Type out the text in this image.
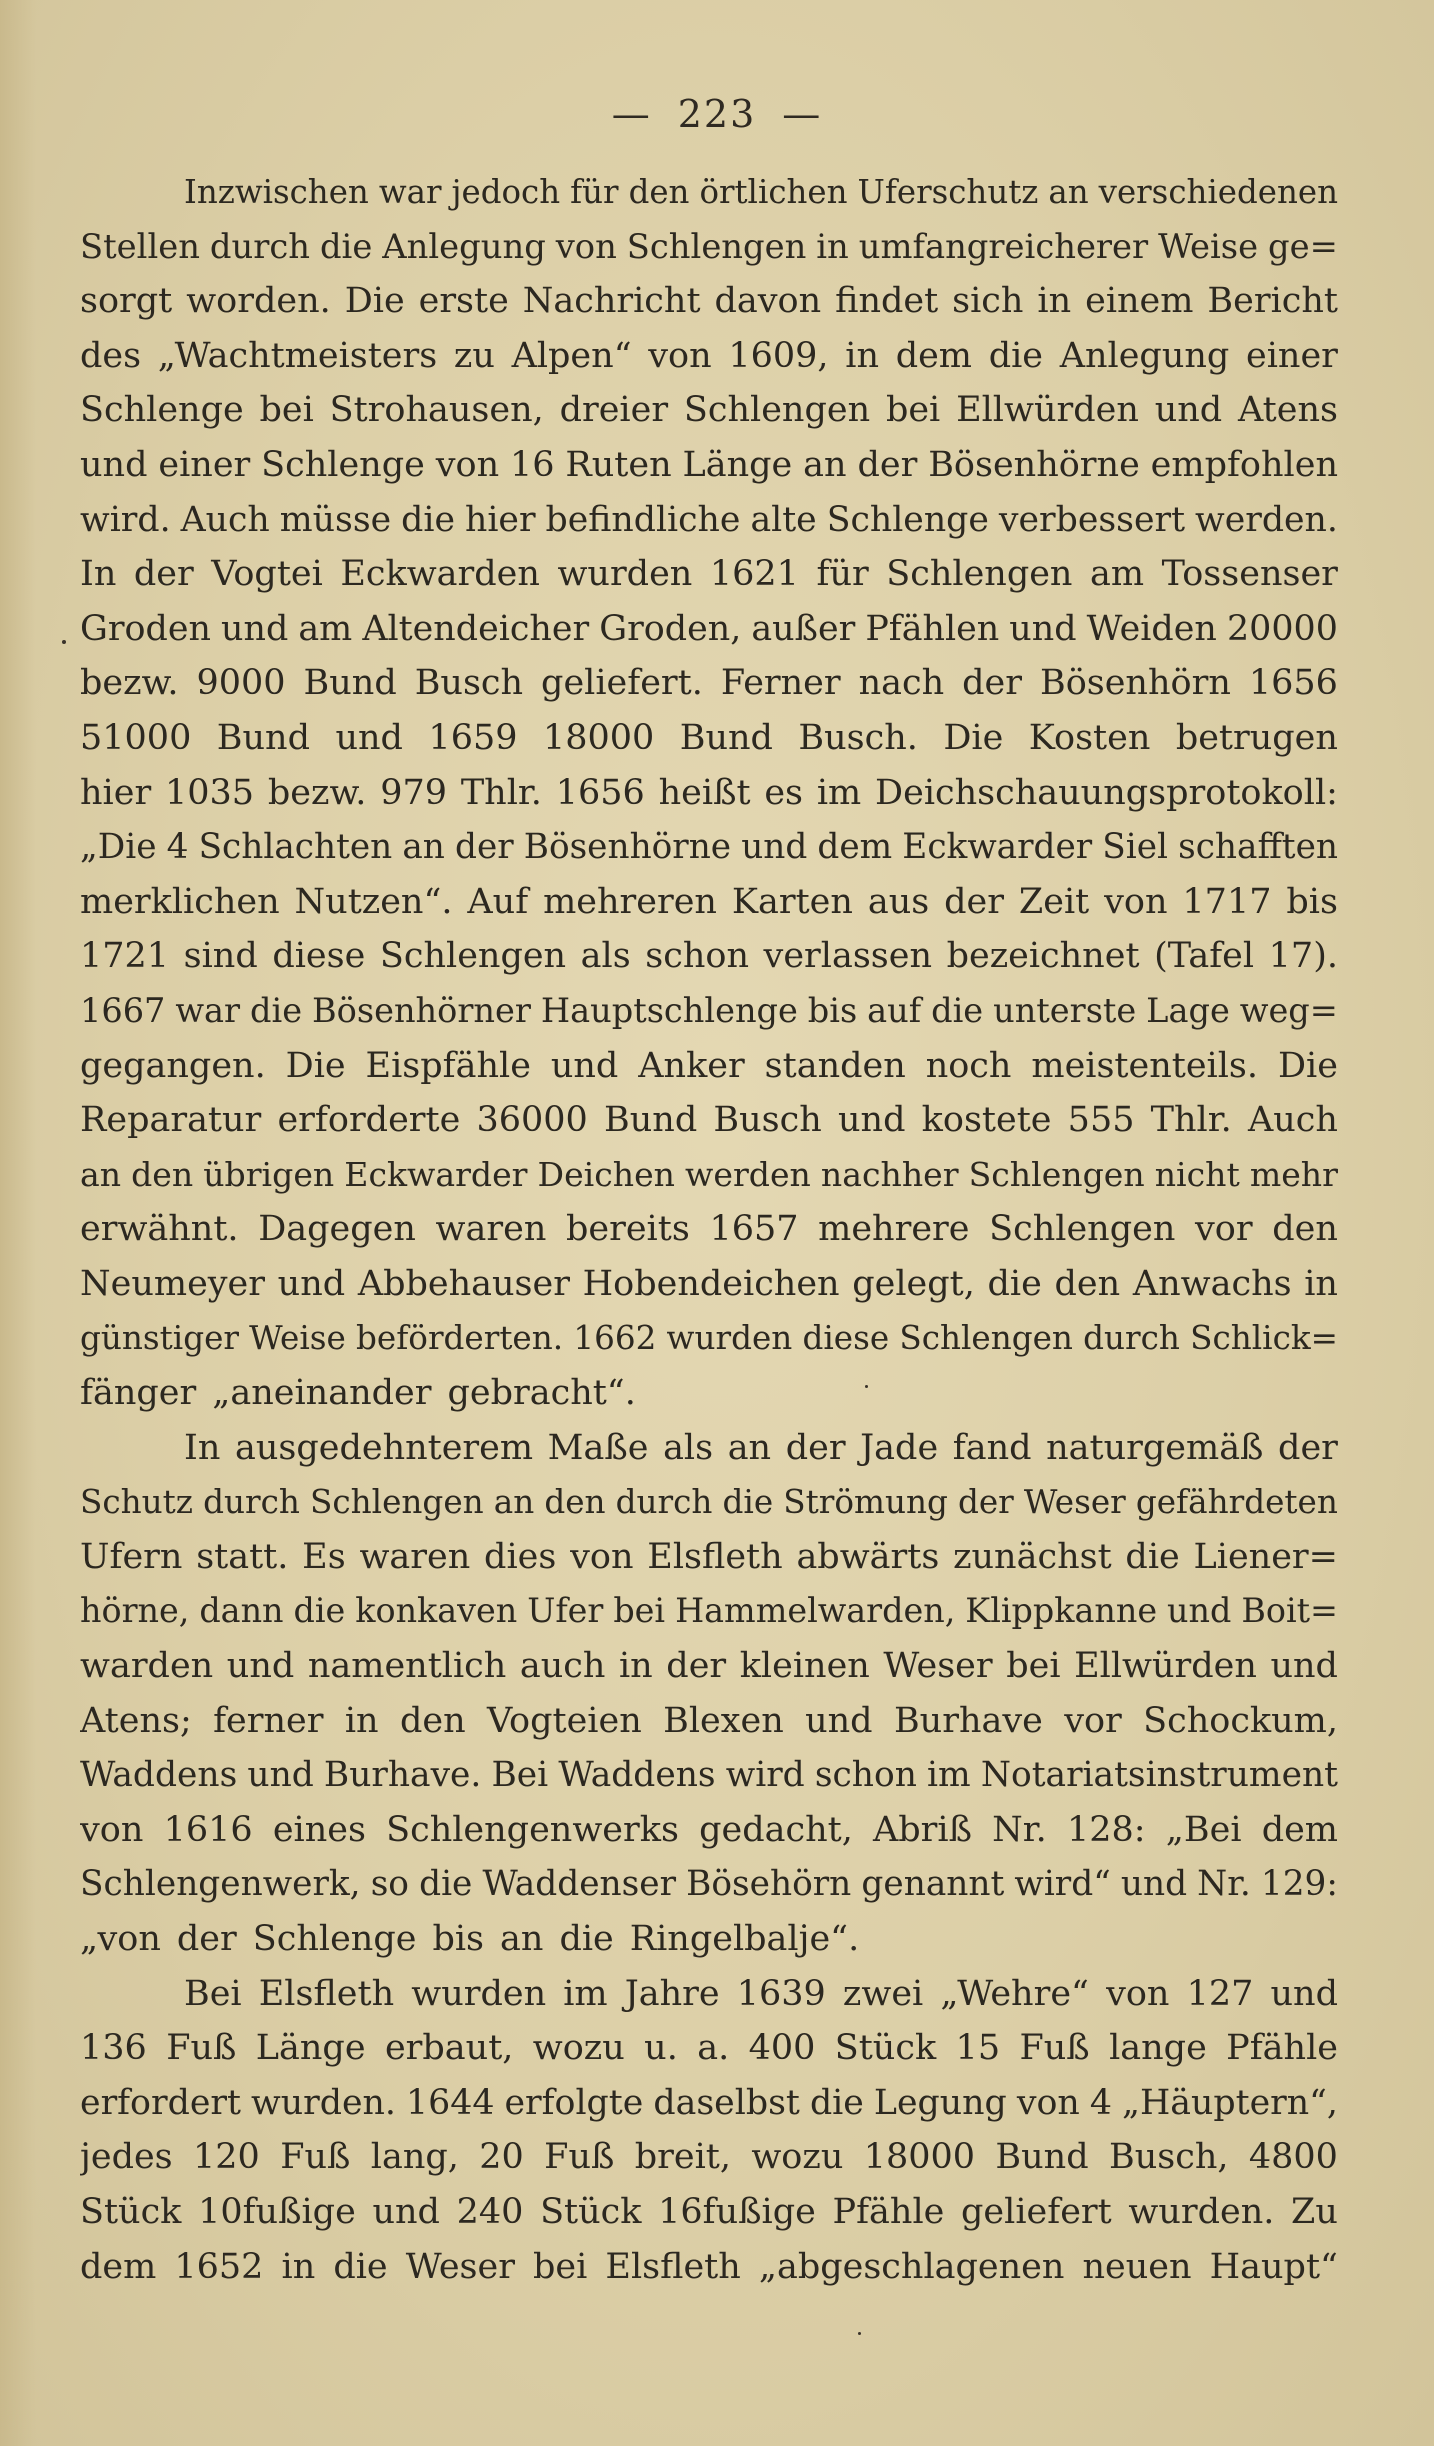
— 223 —
Inzwischen war jedoch für den örtlichen Uferschutz an verschiedenen
Stellen durch die Anlegung von Schlengen in umfangreicherer Weise ge=
sorgt worden. Die erste Nachricht davon findet sich in einem Bericht
des „Wachtmeisters zu Alpen“ von 1609, in dem die Anlegung einer
Schlenge bei Strohausen, dreier Schlengen bei Ellwürden und Atens
und einer Schlenge von 16 Ruten Länge an der Bösenhörne empfohlen
wird. Auch müsse die hier befindliche alte Schlenge verbessert werden.
In der Vogtei Eckwarden wurden 1621 für Schlengen am Tossenser
Groden und am Altendeicher Groden, außer Pfählen und Weiden 20000
bezw. 9000 Bund Busch geliefert. Ferner nach der Bösenhörn 1656
51000 Bund und 1659 18000 Bund Busch. Die Kosten betrugen
hier 1035 bezw. 979 Thlr. 1656 heißt es im Deichschauungsprotokoll:
„Die 4 Schlachten an der Bösenhörne und dem Eckwarder Siel schafften
merklichen Nutzen“. Auf mehreren Karten aus der Zeit von 1717 bis
1721 sind diese Schlengen als schon verlassen bezeichnet (Tafel 17).
1667 war die Bösenhörner Hauptschlenge bis auf die unterste Lage weg=
gegangen. Die Eispfähle und Anker standen noch meistenteils. Die
Reparatur erforderte 36000 Bund Busch und kostete 555 Thlr. Auch
an den übrigen Eckwarder Deichen werden nachher Schlengen nicht mehr
erwähnt. Dagegen waren bereits 1657 mehrere Schlengen vor den
Neumeyer und Abbehauser Hobendeichen gelegt, die den Anwachs in
günstiger Weise beförderten. 1662 wurden diese Schlengen durch Schlick=
fänger „aneinander gebracht“.
In ausgedehnterem Maße als an der Jade fand naturgemäß der
Schutz durch Schlengen an den durch die Strömung der Weser gefährdeten
Ufern statt. Es waren dies von Elsfleth abwärts zunächst die Liener=
hörne, dann die konkaven Ufer bei Hammelwarden, Klippkanne und Boit=
warden und namentlich auch in der kleinen Weser bei Ellwürden und
Atens; ferner in den Vogteien Blexen und Burhave vor Schockum,
Waddens und Burhave. Bei Waddens wird schon im Notariatsinstrument
von 1616 eines Schlengenwerks gedacht, Abriß Nr. 128: „Bei dem
Schlengenwerk, so die Waddenser Bösehörn genannt wird“ und Nr. 129:
„von der Schlenge bis an die Ringelbalje“.
Bei Elsfleth wurden im Jahre 1639 zwei „Wehre“ von 127 und
136 Fuß Länge erbaut, wozu u. a. 400 Stück 15 Fuß lange Pfähle
erfordert wurden. 1644 erfolgte daselbst die Legung von 4 „Häuptern“,
jedes 120 Fuß lang, 20 Fuß breit, wozu 18000 Bund Busch, 4800
Stück 10fußige und 240 Stück 16fußige Pfähle geliefert wurden. Zu
dem 1652 in die Weser bei Elsfleth „abgeschlagenen neuen Haupt“
